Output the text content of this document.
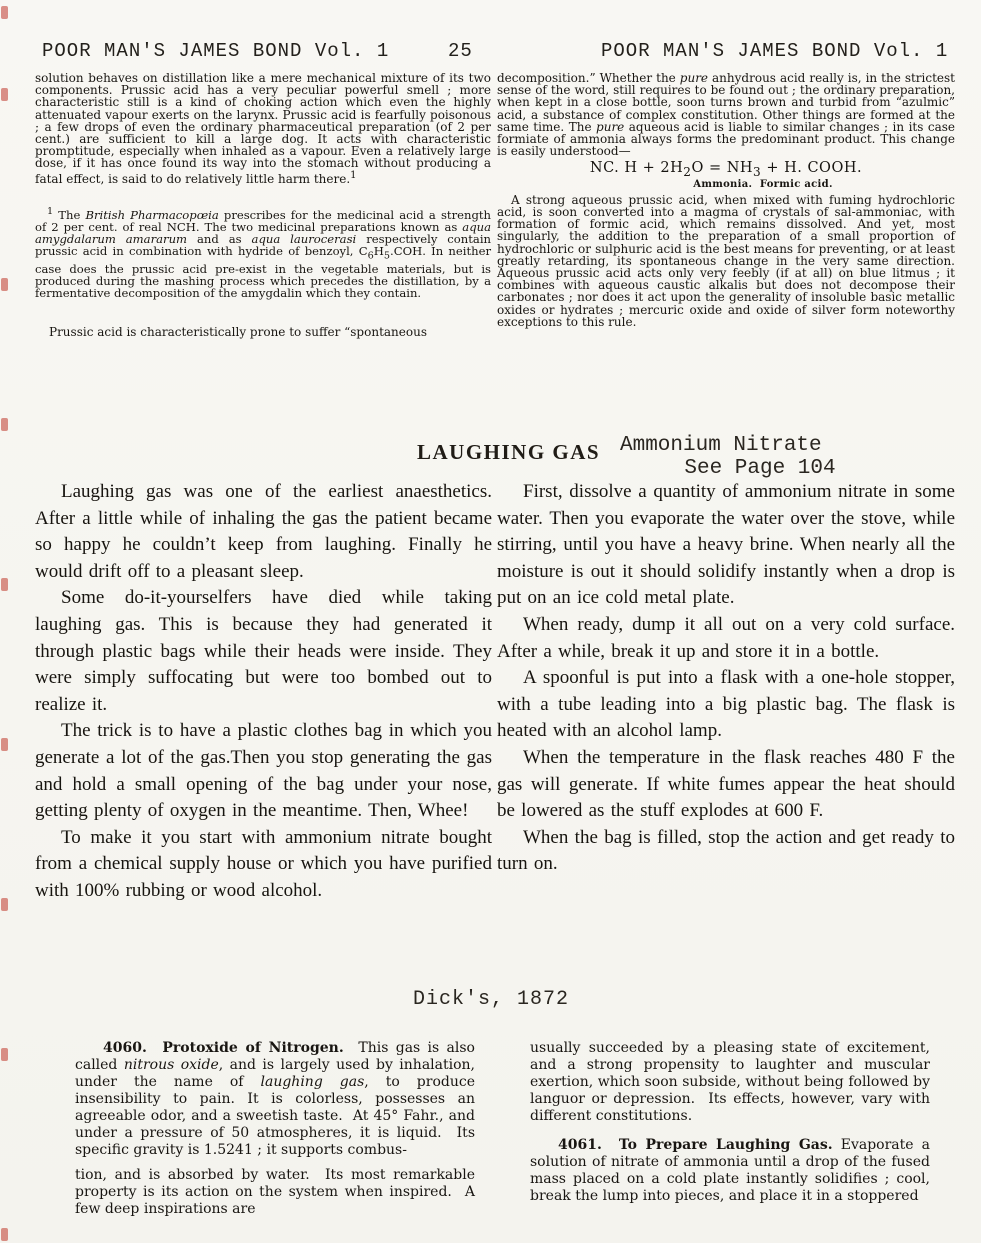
POOR MAN'S JAMES BOND Vol. 1	25	POOR MAN'S JAMES BOND Vol. 1

solution behaves on distillation like a mere mechanical mixture of its two components. Prussic acid has a very peculiar powerful smell ; more characteristic still is a kind of choking action which even the highly attenuated vapour exerts on the larynx. Prussic acid is fearfully poisonous ; a few drops of even the ordinary pharmaceutical preparation (of 2 per cent.) are sufficient to kill a large dog. It acts with characteristic promptitude, especially when inhaled as a vapour. Even a relatively large dose, if it has once found its way into the stomach without producing a fatal effect, is said to do relatively little harm there.$^1$

$^1$ The British Pharmacopœia prescribes for the medicinal acid a strength of 2 per cent. of real NCH. The two medicinal preparations known as aqua amygdalarum amararum and as aqua laurocerasi respectively contain prussic acid in combination with hydride of benzoyl, $C_6H_5.COH$. In neither case does the prussic acid pre-exist in the vegetable materials, but is produced during the mashing process which precedes the distillation, by a fermentative decomposition of the amygdalin which they contain.

Prussic acid is characteristically prone to suffer “spontaneous

decomposition.” Whether the pure anhydrous acid really is, in the strictest sense of the word, still requires to be found out ; the ordinary preparation, when kept in a close bottle, soon turns brown and turbid from “azulmic” acid, a substance of complex constitution. Other things are formed at the same time. The pure aqueous acid is liable to similar changes ; in its case formiate of ammonia always forms the predominant product. This change is easily understood—

NC. $H + 2H_2O = NH_3 + H$. COOH.

Ammonia.  Formic acid.

A strong aqueous prussic acid, when mixed with fuming hydrochloric acid, is soon converted into a magma of crystals of sal-ammoniac, with formation of formic acid, which remains dissolved. And yet, most singularly, the addition to the preparation of a small proportion of hydrochloric or sulphuric acid is the best means for preventing, or at least greatly retarding, its spontaneous change in the very same direction. Aqueous prussic acid acts only very feebly (if at all) on blue litmus ; it combines with aqueous caustic alkalis but does not decompose their carbonates ; nor does it act upon the generality of insoluble basic metallic oxides or hydrates ; mercuric oxide and oxide of silver form noteworthy exceptions to this rule.

LAUGHING GAS Ammonium Nitrate
See Page 104

Laughing gas was one of the earliest anaesthetics. After a little while of inhaling the gas the patient became so happy he couldn’t keep from laughing. Finally he would drift off to a pleasant sleep.

Some do-it-yourselfers have died while taking laughing gas. This is because they had generated it through plastic bags while their heads were inside. They were simply suffocating but were too bombed out to realize it.

The trick is to have a plastic clothes bag in which you generate a lot of the gas.Then you stop generating the gas and hold a small opening of the bag under your nose, getting plenty of oxygen in the meantime. Then, Whee!

To make it you start with ammonium nitrate bought from a chemical supply house or which you have purified with 100% rubbing or wood alcohol.

First, dissolve a quantity of ammonium nitrate in some water. Then you evaporate the water over the stove, while stirring, until you have a heavy brine. When nearly all the moisture is out it should solidify instantly when a drop is put on an ice cold metal plate.

When ready, dump it all out on a very cold surface. After a while, break it up and store it in a bottle.

A spoonful is put into a flask with a one-hole stopper, with a tube leading into a big plastic bag. The flask is heated with an alcohol lamp.

When the temperature in the flask reaches 480 F the gas will generate. If white fumes appear the heat should be lowered as the stuff explodes at 600 F.

When the bag is filled, stop the action and get ready to turn on.

Dick's, 1872

4060.  Protoxide of Nitrogen.  This gas is also called nitrous oxide, and is largely used by inhalation, under the name of laughing gas, to produce insensibility to pain. It is colorless, possesses an agreeable odor, and a sweetish taste.  At 45° Fahr., and under a pressure of 50 atmospheres, it is liquid.  Its specific gravity is 1.5241 ; it supports combus-

tion, and is absorbed by water.  Its most remarkable property is its action on the system when inspired.  A few deep inspirations are

usually succeeded by a pleasing state of excitement, and a strong propensity to laughter and muscular exertion, which soon subside, without being followed by languor or depression.  Its effects, however, vary with different constitutions.

4061.  To Prepare Laughing Gas. Evaporate a solution of nitrate of ammonia until a drop of the fused mass placed on a cold plate instantly solidifies ; cool, break the lump into pieces, and place it in a stoppered
